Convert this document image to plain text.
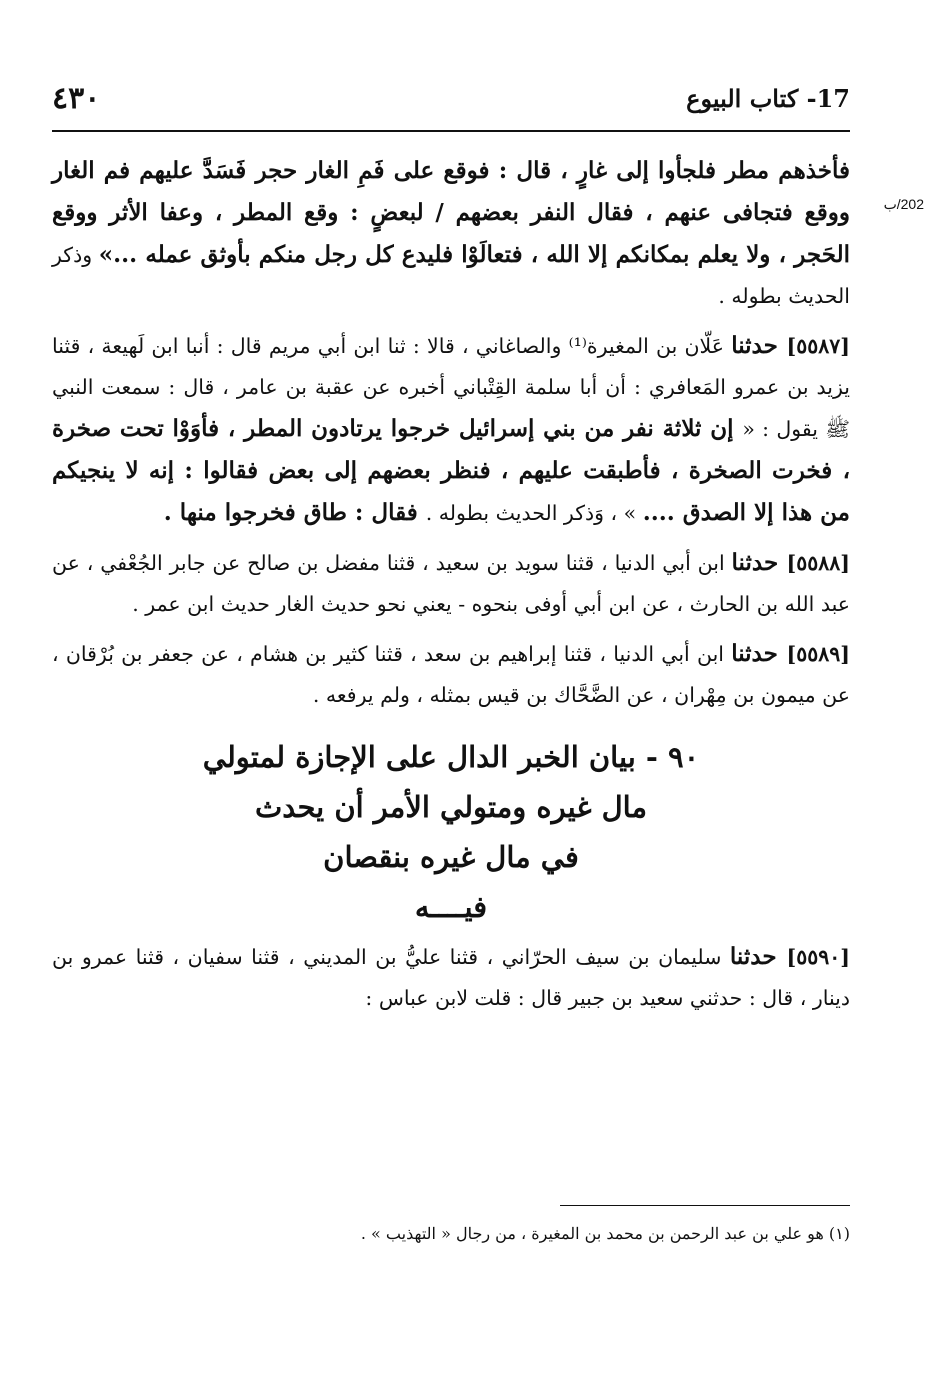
17- كتاب البيوع
٤٣٠
202/ب

فأخذهم مطر فلجأوا إلى غارٍ ، قال : فوقع على فَمِ الغار حجر فَسَدَّ عليهم فم الغار ووقع فتجافى عنهم ، فقال النفر بعضهم / لبعضٍ : وقع المطر ، وعفا الأثر ووقع الحَجر ، ولا يعلم بمكانكم إلا الله ، فتعالَوْا فليدع كل رجل منكم بأوثق عمله ...» وذكر الحديث بطوله .

[٥٥٨٧] حدثنا عَلّان بن المغيرة⁽¹⁾ والصاغاني ، قالا : ثنا ابن أبي مريم قال : أنبا ابن لَهيعة ، قثنا يزيد بن عمرو المَعافري : أن أبا سلمة القِتْباني أخبره عن عقبة بن عامر ، قال : سمعت النبي ﷺ يقول : « إن ثلاثة نفر من بني إسرائيل خرجوا يرتادون المطر ، فأوَوْا تحت صخرة ، فخرت الصخرة ، فأطبقت عليهم ، فنظر بعضهم إلى بعض فقالوا : إنه لا ينجيكم من هذا إلا الصدق .... » ، وَذكر الحديث بطوله . فقال : طاق فخرجوا منها .

[٥٥٨٨] حدثنا ابن أبي الدنيا ، قثنا سويد بن سعيد ، قثنا مفضل بن صالح عن جابر الجُعْفي ، عن عبد الله بن الحارث ، عن ابن أبي أوفى بنحوه - يعني نحو حديث الغار حديث ابن عمر .

[٥٥٨٩] حدثنا ابن أبي الدنيا ، قثنا إبراهيم بن سعد ، قثنا كثير بن هشام ، عن جعفر بن بُرْقان ، عن ميمون بن مِهْران ، عن الضَّحَّاك بن قيس بمثله ، ولم يرفعه .

٩٠ - بيان الخبر الدال على الإجازة لمتولي
مال غيره ومتولي الأمر أن يحدث
في مال غيره بنقصان
فيــــه

[٥٥٩٠] حدثنا سليمان بن سيف الحرّاني ، قثنا عليُّ بن المديني ، قثنا سفيان ، قثنا عمرو بن دينار ، قال : حدثني سعيد بن جبير قال : قلت لابن عباس :

(١) هو علي بن عبد الرحمن بن محمد بن المغيرة ، من رجال « التهذيب » .
